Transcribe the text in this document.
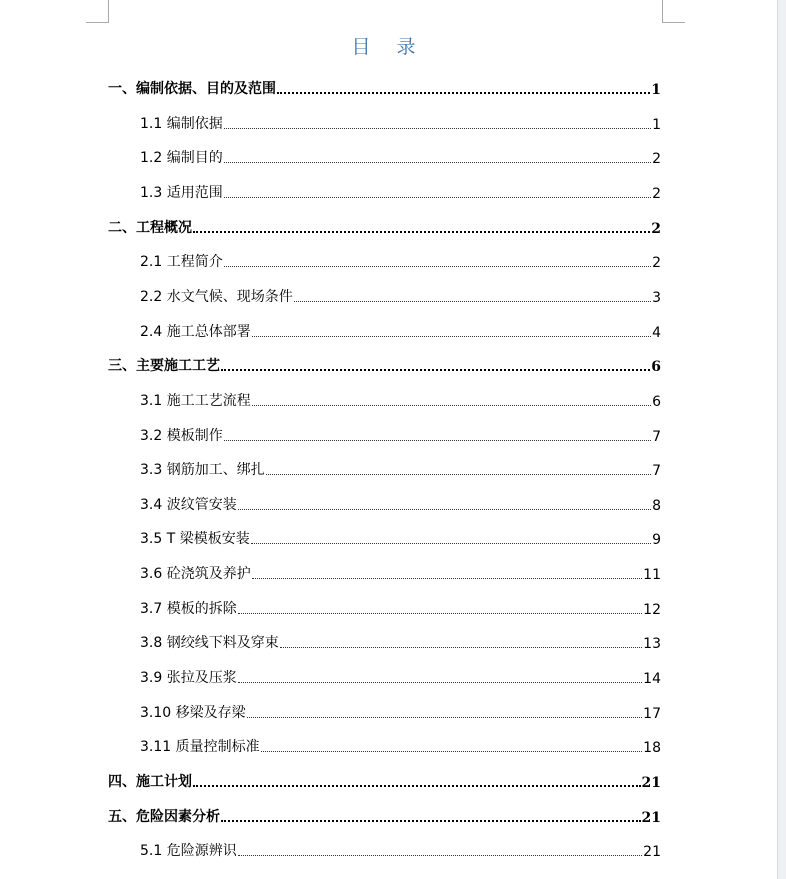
目 录
一、编制依据、目的及范围	1
1.1 编制依据	1
1.2 编制目的	2
1.3 适用范围	2
二、工程概况	2
2.1 工程简介	2
2.2 水文气候、现场条件	3
2.4 施工总体部署	4
三、主要施工工艺	6
3.1 施工工艺流程	6
3.2 模板制作	7
3.3 钢筋加工、绑扎	7
3.4 波纹管安装	8
3.5 T 梁模板安装	9
3.6 砼浇筑及养护	11
3.7 模板的拆除	12
3.8 钢绞线下料及穿束	13
3.9 张拉及压浆	14
3.10 移梁及存梁	17
3.11 质量控制标准	18
四、施工计划	21
五、危险因素分析	21
5.1 危险源辨识	21
